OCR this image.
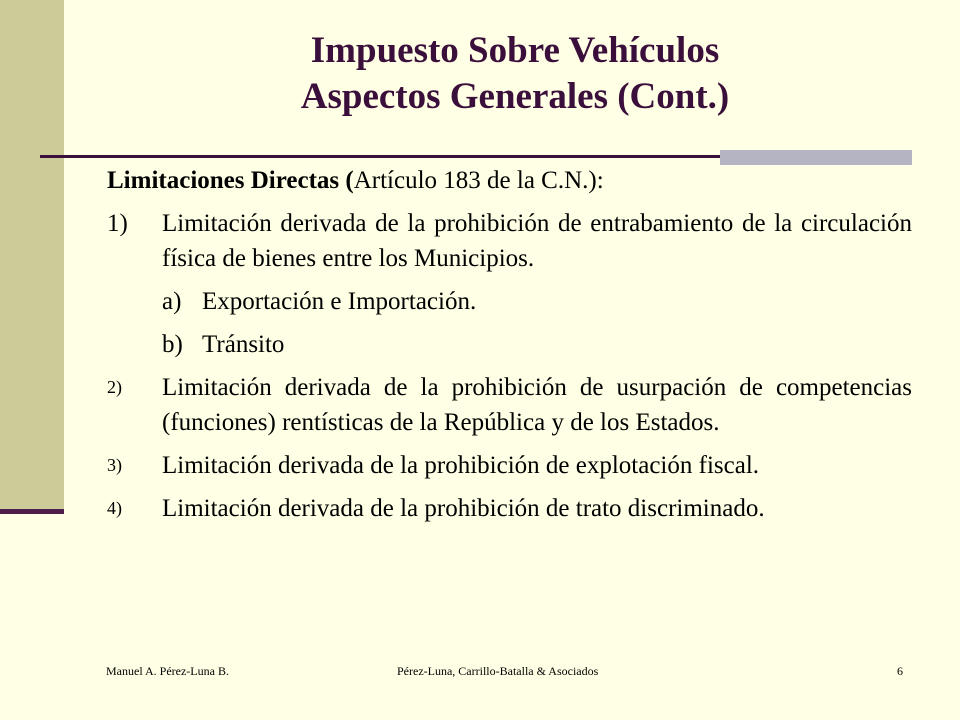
Impuesto Sobre Vehículos
Aspectos Generales (Cont.)
Limitaciones Directas (Artículo 183 de la C.N.):
1)	Limitación derivada de la prohibición de entrabamiento de la circulación física de bienes entre los Municipios.
a) Exportación e Importación.
b) Tránsito
2)	Limitación derivada de la prohibición de usurpación de competencias (funciones) rentísticas de la República y de los Estados.
3)	Limitación derivada de la prohibición de explotación fiscal.
4)	Limitación derivada de la prohibición de trato discriminado.
Manuel A. Pérez-Luna B.	Pérez-Luna, Carrillo-Batalla & Asociados	6
